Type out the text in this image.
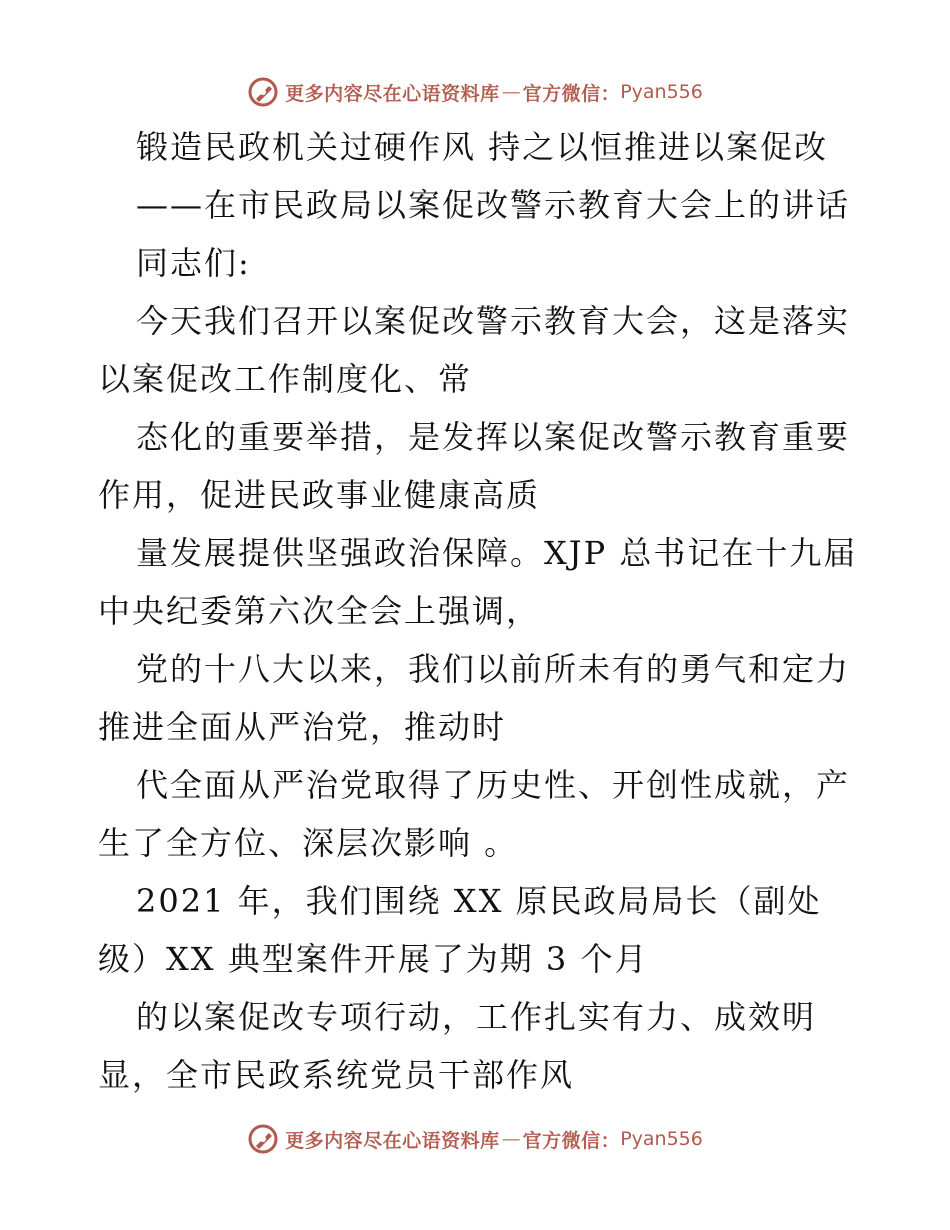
更多内容尽在心语资料库 — 官方微信： Pyan556
锻造民政机关过硬作风 持之以恒推进以案促改
——在市民政局以案促改警示教育大会上的讲话
同志们:
今天我们召开以案促改警示教育大会，这是落实
以案促改工作制度化、常
态化的重要举措，是发挥以案促改警示教育重要
作用，促进民政事业健康高质
量发展提供坚强政治保障。XJP 总书记在十九届
中央纪委第六次全会上强调，
党的十八大以来，我们以前所未有的勇气和定力
推进全面从严治党，推动时
代全面从严治党取得了历史性、开创性成就，产
生了全方位、深层次影响 。
2021 年，我们围绕 XX 原民政局局长（副处
级）XX 典型案件开展了为期 3 个月
的以案促改专项行动，工作扎实有力、成效明
显，全市民政系统党员干部作风
更多内容尽在心语资料库 — 官方微信： Pyan556
